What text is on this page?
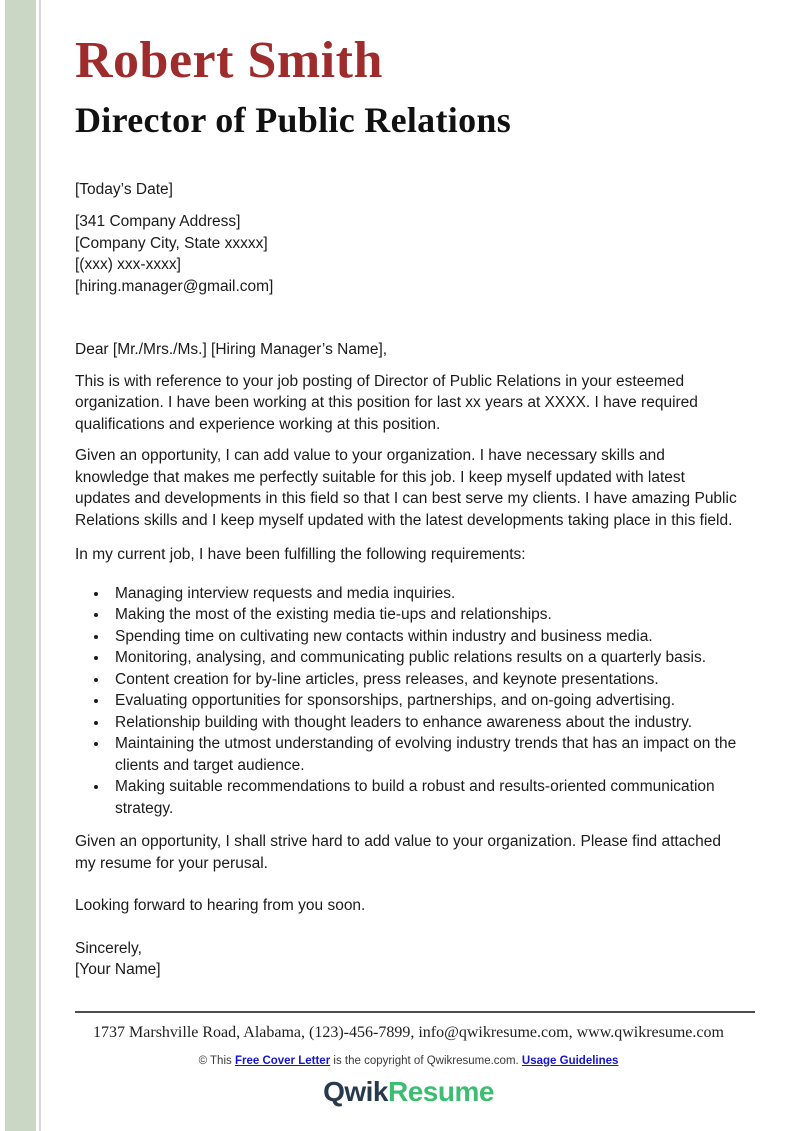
Robert Smith
Director of Public Relations

[Today’s Date]

[341 Company Address]

[Company City, State xxxxx]

[(xxx) xxx-xxxx]

[hiring.manager@gmail.com]

Dear [Mr./Mrs./Ms.] [Hiring Manager’s Name],

This is with reference to your job posting of Director of Public Relations in your esteemed organization. I have been working at this position for last xx years at XXXX. I have required qualifications and experience working at this position.

Given an opportunity, I can add value to your organization. I have necessary skills and knowledge that makes me perfectly suitable for this job. I keep myself updated with latest updates and developments in this field so that I can best serve my clients. I have amazing Public Relations skills and I keep myself updated with the latest developments taking place in this field.

In my current job, I have been fulfilling the following requirements:

• Managing interview requests and media inquiries.
• Making the most of the existing media tie-ups and relationships.
• Spending time on cultivating new contacts within industry and business media.
• Monitoring, analysing, and communicating public relations results on a quarterly basis.
• Content creation for by-line articles, press releases, and keynote presentations.
• Evaluating opportunities for sponsorships, partnerships, and on-going advertising.
• Relationship building with thought leaders to enhance awareness about the industry.
• Maintaining the utmost understanding of evolving industry trends that has an impact on the clients and target audience.
• Making suitable recommendations to build a robust and results-oriented communication strategy.

Given an opportunity, I shall strive hard to add value to your organization. Please find attached my resume for your perusal.

Looking forward to hearing from you soon.

Sincerely,

[Your Name]

1737 Marshville Road, Alabama, (123)-456-7899, info@qwikresume.com, www.qwikresume.com

© This Free Cover Letter is the copyright of Qwikresume.com. Usage Guidelines

QwikResume
